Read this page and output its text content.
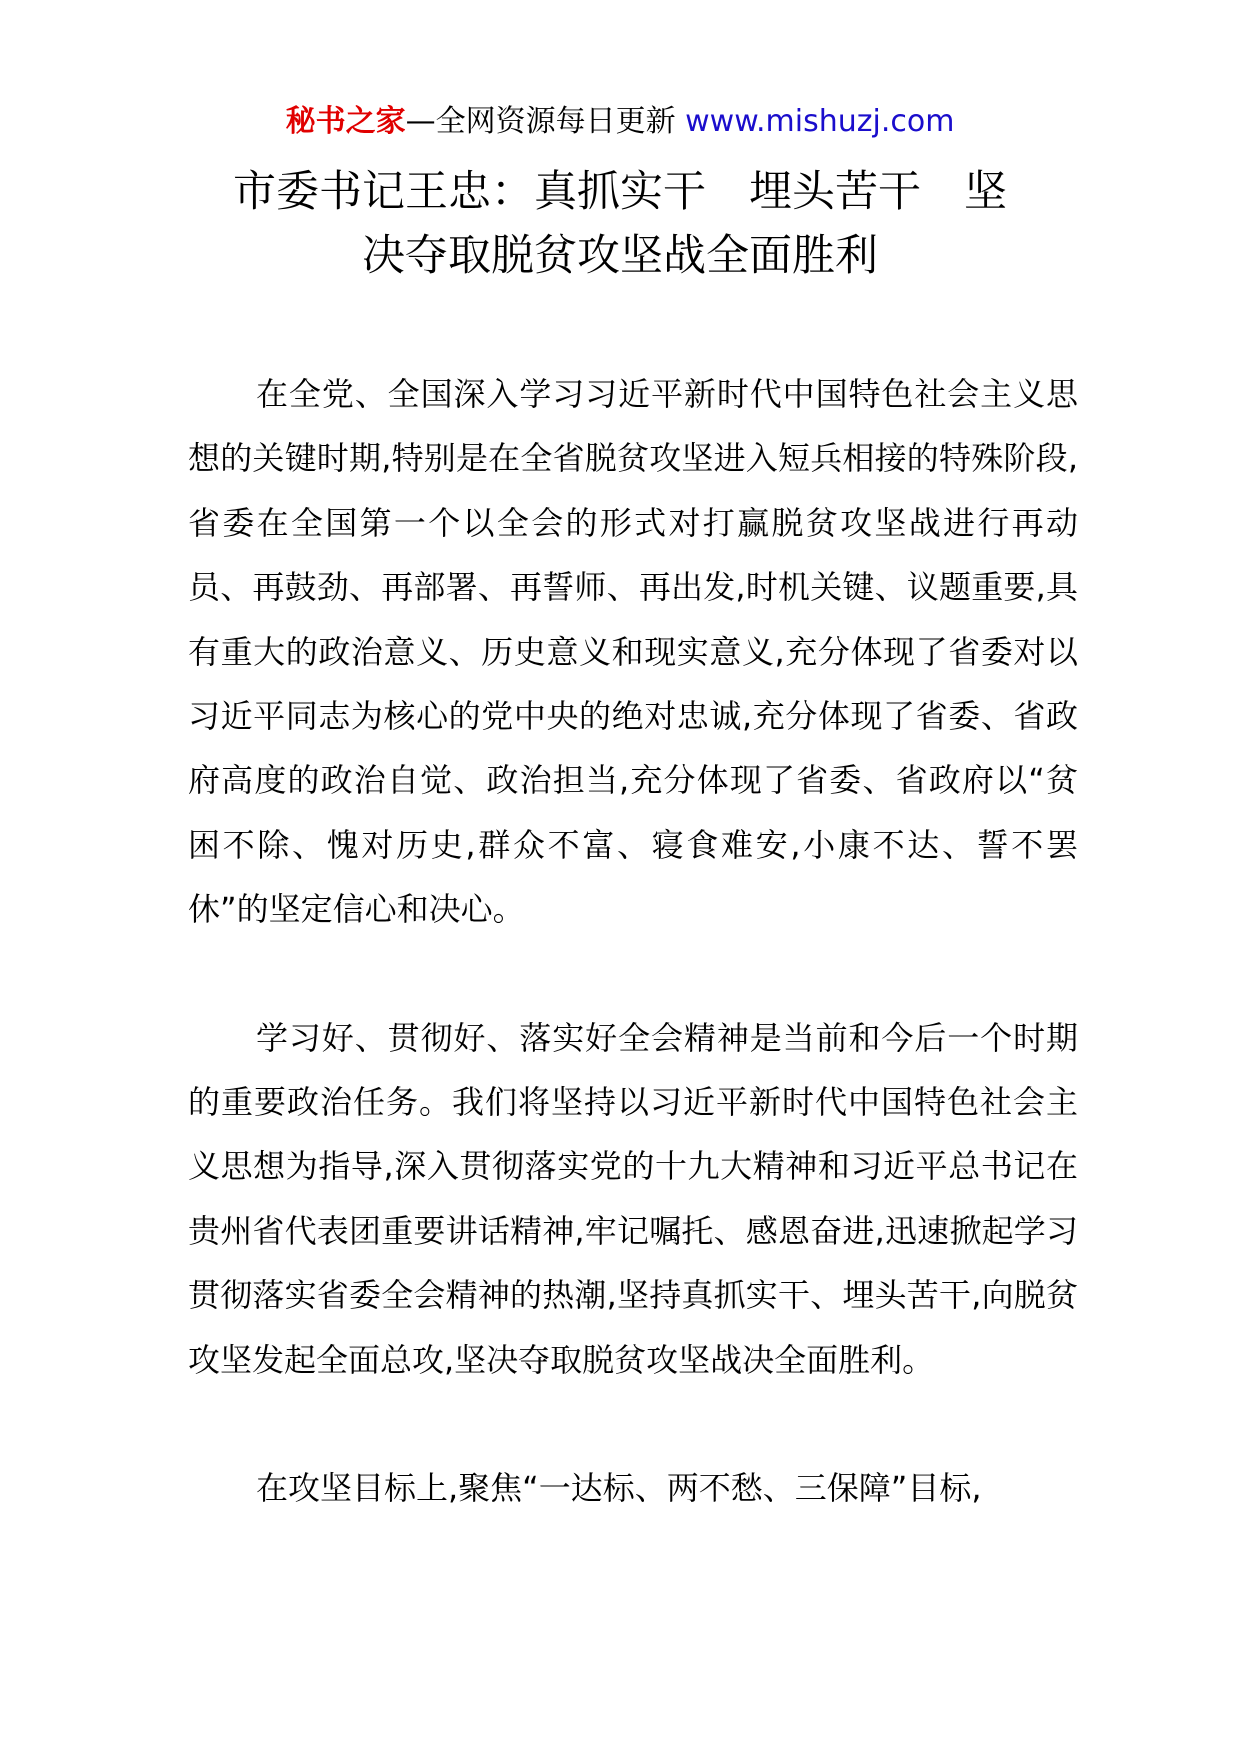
秘书之家—全网资源每日更新 www.mishuzj.com
市委书记王忠：真抓实干　埋头苦干　坚
决夺取脱贫攻坚战全面胜利

在全党、全国深入学习习近平新时代中国特色社会主义思想的关键时期,特别是在全省脱贫攻坚进入短兵相接的特殊阶段,省委在全国第一个以全会的形式对打赢脱贫攻坚战进行再动员、再鼓劲、再部署、再誓师、再出发,时机关键、议题重要,具有重大的政治意义、历史意义和现实意义,充分体现了省委对以习近平同志为核心的党中央的绝对忠诚,充分体现了省委、省政府高度的政治自觉、政治担当,充分体现了省委、省政府以“贫困不除、愧对历史,群众不富、寝食难安,小康不达、誓不罢休”的坚定信心和决心。

学习好、贯彻好、落实好全会精神是当前和今后一个时期的重要政治任务。我们将坚持以习近平新时代中国特色社会主义思想为指导,深入贯彻落实党的十九大精神和习近平总书记在贵州省代表团重要讲话精神,牢记嘱托、感恩奋进,迅速掀起学习贯彻落实省委全会精神的热潮,坚持真抓实干、埋头苦干,向脱贫攻坚发起全面总攻,坚决夺取脱贫攻坚战决全面胜利。

在攻坚目标上,聚焦“一达标、两不愁、三保障”目标,
